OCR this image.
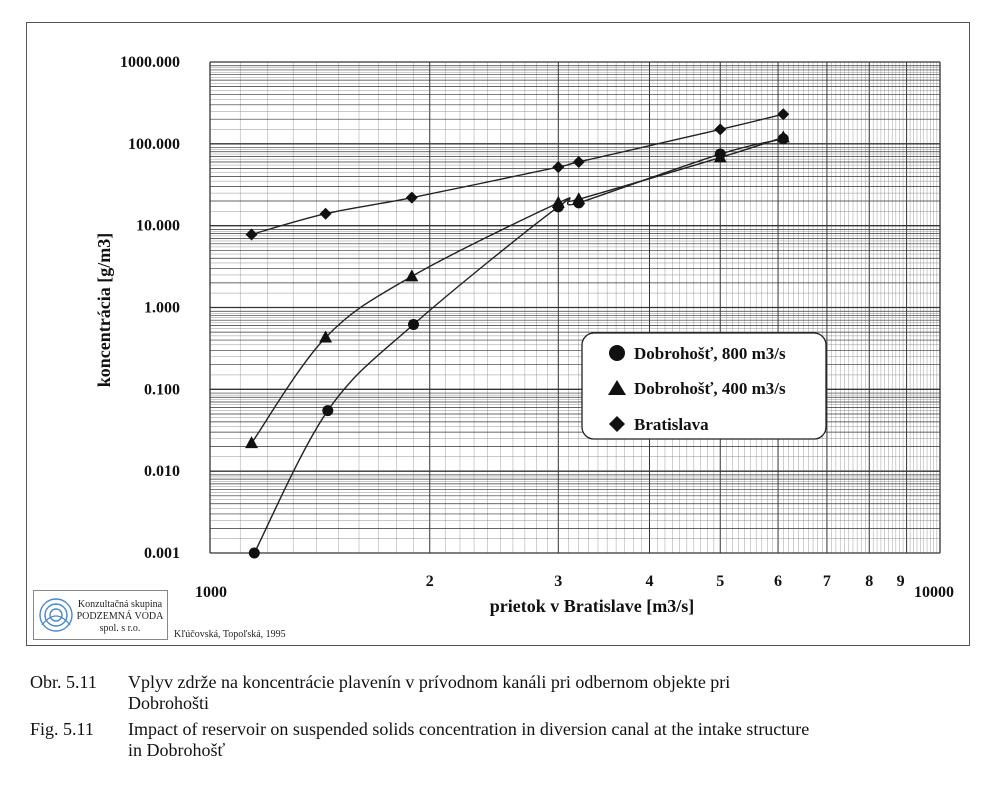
0.001
0.010
0.100
1.000
10.000
100.000
1000.000
1000
2	3	4	5	6	7 8 9
10000
prietok v Bratislave [m3/s]
koncentrácia [g/m3]	Dobrohošť, 800 m3/s
Dobrohošť, 400 m3/s
Bratislava
Konzultačná skupina
PODZEMNÁ VODA
spol. s r.o.
Kľúčovská, Topoľská, 1995
Obr. 5.11 Vplyv zdrže na koncentrácie plavenín v prívodnom kanáli pri odbernom objekte pri
Dobrohošti
Fig. 5.11 Impact of reservoir on suspended solids concentration in diversion canal at the intake structure
in Dobrohošť
